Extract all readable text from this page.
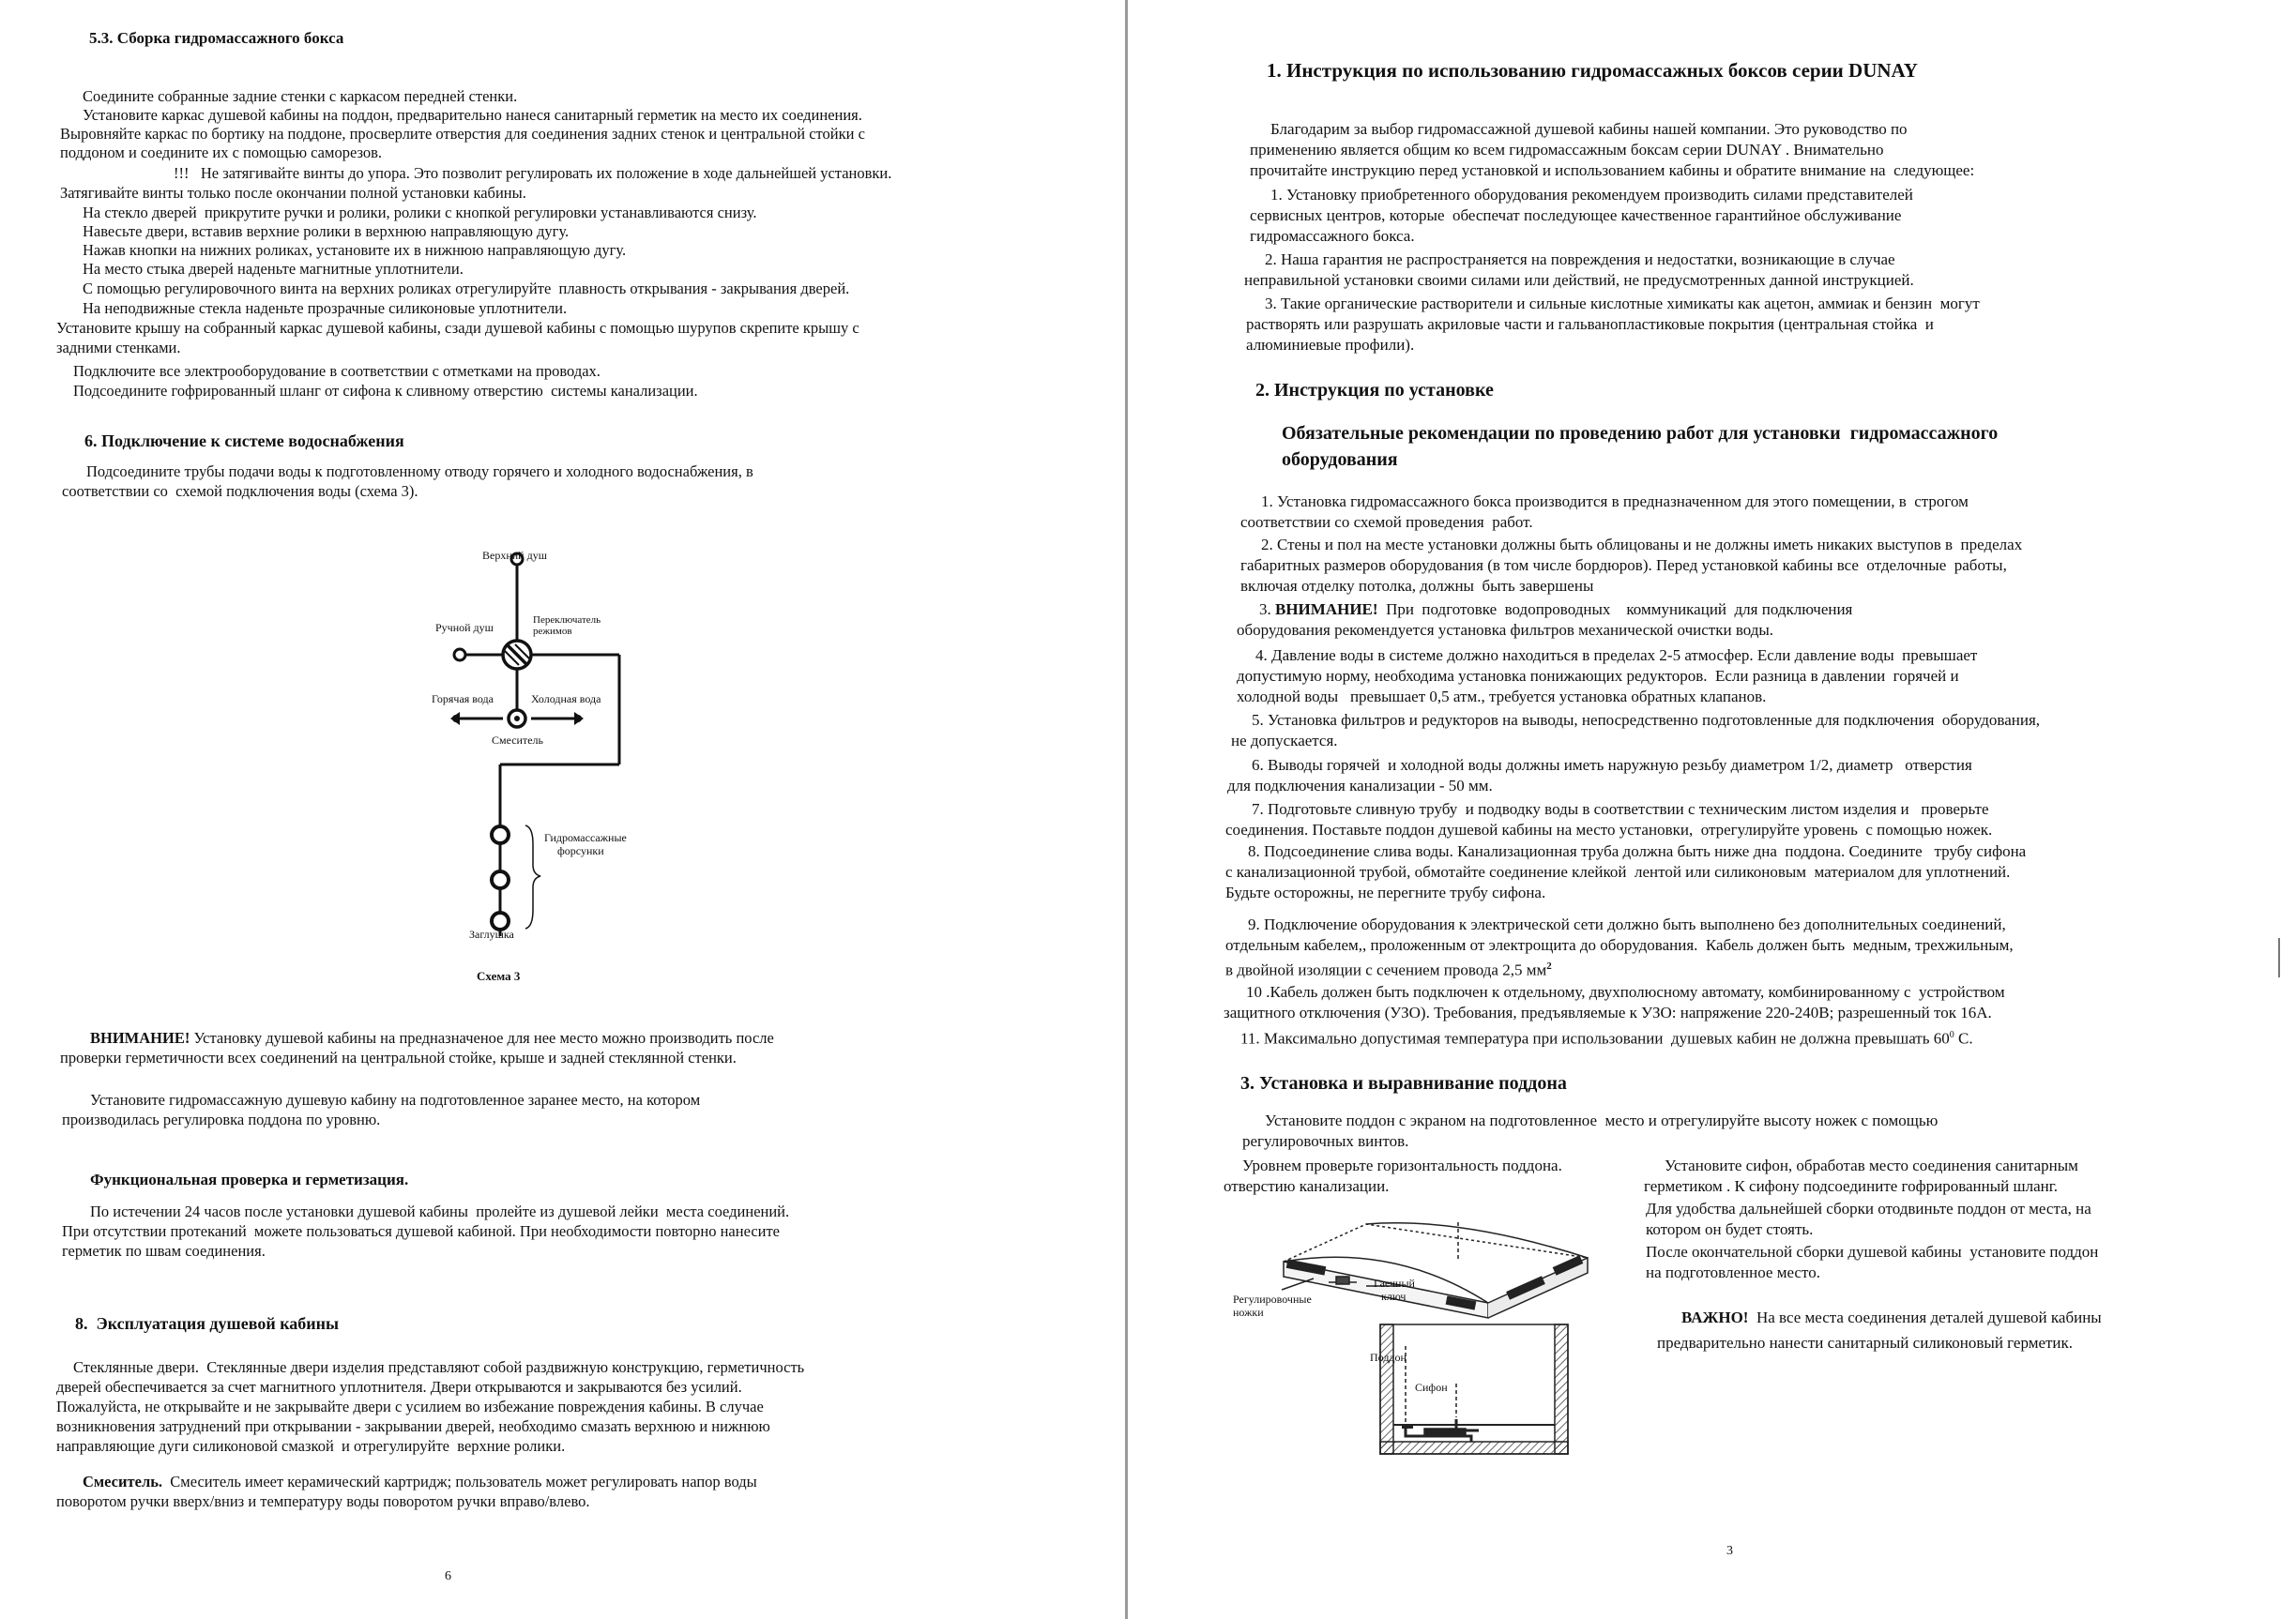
5.3. Сборка гидромассажного бокса

Соедините собранные задние стенки с каркасом передней стенки.

Установите каркас душевой кабины на поддон, предварительно нанеся санитарный герметик на место их соединения.

Выровняйте каркас по бортику на поддоне, просверлите отверстия для соединения задних стенок и центральной стойки с

поддоном и соедините их с помощью саморезов.

!!!   Не затягивайте винты до упора. Это позволит регулировать их положение в ходе дальнейшей установки.

Затягивайте винты только после окончании полной установки кабины.

На стекло дверей  прикрутите ручки и ролики, ролики с кнопкой регулировки устанавливаются снизу.

Навесьте двери, вставив верхние ролики в верхнюю направляющую дугу.

Нажав кнопки на нижних роликах, установите их в нижнюю направляющую дугу.

На место стыка дверей наденьте магнитные уплотнители.

С помощью регулировочного винта на верхних роликах отрегулируйте  плавность открывания - закрывания дверей.

На неподвижные стекла наденьте прозрачные силиконовые уплотнители.

Установите крышу на собранный каркас душевой кабины, сзади душевой кабины с помощью шурупов скрепите крышу с

задними стенками.

Подключите все электрооборудование в соответствии с отметками на проводах.

Подсоедините гофрированный шланг от сифона к сливному отверстию  системы канализации.

6. Подключение к системе водоснабжения

Подсоедините трубы подачи воды к подготовленному отводу горячего и холодного водоснабжения, в

соответствии со  схемой подключения воды (схема 3).

Верхний душ
Ручной душ
Переключатель
режимов
Горячая вода	Холодная вода
Смеситель
Гидромассажные
форсунки
Заглушка
Схема 3

ВНИМАНИЕ! Установку душевой кабины на предназначеное для нее место можно производить после

проверки герметичности всех соединений на центральной стойке, крыше и задней стеклянной стенки.

Установите гидромассажную душевую кабину на подготовленное заранее место, на котором

производилась регулировка поддона по уровню.

Функциональная проверка и герметизация.

По истечении 24 часов после установки душевой кабины  пролейте из душевой лейки  места соединений.

При отсутствии протеканий  можете пользоваться душевой кабиной. При необходимости повторно нанесите

герметик по швам соединения.

8.  Эксплуатация душевой кабины

Стеклянные двери.  Стеклянные двери изделия представляют собой раздвижную конструкцию, герметичность

дверей обеспечивается за счет магнитного уплотнителя. Двери открываются и закрываются без усилий.

Пожалуйста, не открывайте и не закрывайте двери с усилием во избежание повреждения кабины. В случае

возникновения затруднений при открывании - закрывании дверей, необходимо смазать верхнюю и нижнюю

направляющие дуги силиконовой смазкой  и отрегулируйте  верхние ролики.

Смеситель.  Смеситель имеет керамический картридж; пользователь может регулировать напор воды

поворотом ручки вверх/вниз и температуру воды поворотом ручки вправо/влево.

6

1. Инструкция по использованию гидромассажных боксов серии DUNAY

Благодарим за выбор гидромассажной душевой кабины нашей компании. Это руководство по

применению является общим ко всем гидромассажным боксам серии DUNAY . Внимательно

прочитайте инструкцию перед установкой и использованием кабины и обратите внимание на  следующее:

1. Установку приобретенного оборудования рекомендуем производить силами представителей

сервисных центров, которые  обеспечат последующее качественное гарантийное обслуживание

гидромассажного бокса.

2. Наша гарантия не распространяется на повреждения и недостатки, возникающие в случае

неправильной установки своими силами или действий, не предусмотренных данной инструкцией.

3. Такие органические растворители и сильные кислотные химикаты как ацетон, аммиак и бензин  могут

растворять или разрушать акриловые части и гальванопластиковые покрытия (центральная стойка  и

алюминиевые профили).

2. Инструкция по установке

Обязательные рекомендации по проведению работ для установки  гидромассажного

оборудования

1. Установка гидромассажного бокса производится в предназначенном для этого помещении, в  строгом

соответствии со схемой проведения  работ.

2. Стены и пол на месте установки должны быть облицованы и не должны иметь никаких выступов в  пределах

габаритных размеров оборудования (в том числе бордюров). Перед установкой кабины все  отделочные  работы,

включая отделку потолка, должны  быть завершены

3. ВНИМАНИЕ!  При  подготовке  водопроводных    коммуникаций  для подключения

оборудования рекомендуется установка фильтров механической очистки воды.

4. Давление воды в системе должно находиться в пределах 2-5 атмосфер. Если давление воды  превышает

допустимую норму, необходима установка понижающих редукторов.  Если разница в давлении  горячей и

холодной воды   превышает 0,5 атм., требуется установка обратных клапанов.

5. Установка фильтров и редукторов на выводы, непосредственно подготовленные для подключения  оборудования,

не допускается.

6. Выводы горячей  и холодной воды должны иметь наружную резьбу диаметром 1/2, диаметр   отверстия

для подключения канализации - 50 мм.

7. Подготовьте сливную трубу  и подводку воды в соответствии с техническим листом изделия и   проверьте

соединения. Поставьте поддон душевой кабины на место установки,  отрегулируйте уровень  с помощью ножек.

8. Подсоединение слива воды. Канализационная труба должна быть ниже дна  поддона. Соедините   трубу сифона

с канализационной трубой, обмотайте соединение клейкой  лентой или силиконовым  материалом для уплотнений.

Будьте осторожны, не перегните трубу сифона.

9. Подключение оборудования к электрической сети должно быть выполнено без дополнительных соединений,

отдельным кабелем,, проложенным от электрощита до оборудования.  Кабель должен быть  медным, трехжильным,

в двойной изоляции с сечением провода 2,5 $мм^2$

10 .Кабель должен быть подключен к отдельному, двухполюсному автомату, комбинированному с  устройством

защитного отключения (УЗО). Требования, предъявляемые к УЗО: напряжение 220-240В; разрешенный ток 16А.

11. Максимально допустимая температура при использовании  душевых кабин не должна превышать $60^0$ С.

3. Установка и выравнивание поддона

Установите поддон с экраном на подготовленное  место и отрегулируйте высоту ножек с помощью

регулировочных винтов.

Уровнем проверьте горизонтальность поддона.

отверстию канализации.

Установите сифон, обработав место соединения санитарным

герметиком . К сифону подсоедините гофрированный шланг.

Для удобства дальнейшей сборки отодвиньте поддон от места, на

котором он будет стоять.

После окончательной сборки душевой кабины  установите поддон

на подготовленное место.

ВАЖНО!  На все места соединения деталей душевой кабины

предварительно нанести санитарный силиконовый герметик.

Гаечный
ключ
Регулировочные
ножки
Поддон
Сифон
3
